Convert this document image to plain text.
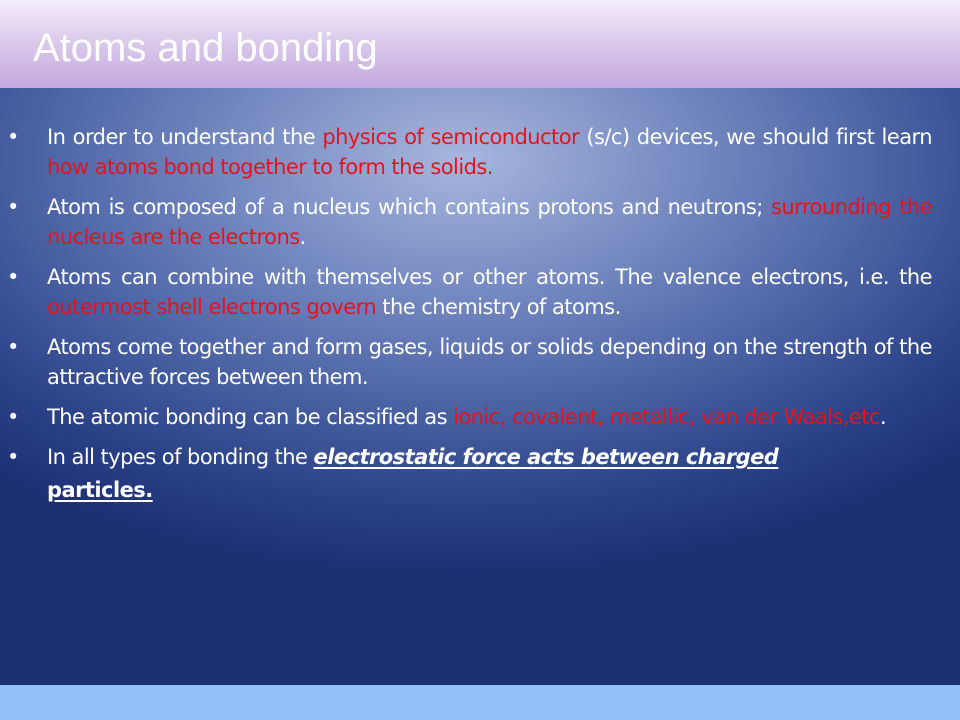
Atoms and bonding
• In order to understand the physics of semiconductor (s/c) devices, we should first learn how atoms bond together to form the solids.
• Atom is composed of a nucleus which contains protons and neutrons; surrounding the nucleus are the electrons.
• Atoms can combine with themselves or other atoms. The valence electrons, i.e. the outermost shell electrons govern the chemistry of atoms.
• Atoms come together and form gases, liquids or solids depending on the strength of the attractive forces between them.
• The atomic bonding can be classified as ionic, covalent, metallic, van der Waals,etc.
• In all types of bonding the electrostatic force acts between charged
particles.
